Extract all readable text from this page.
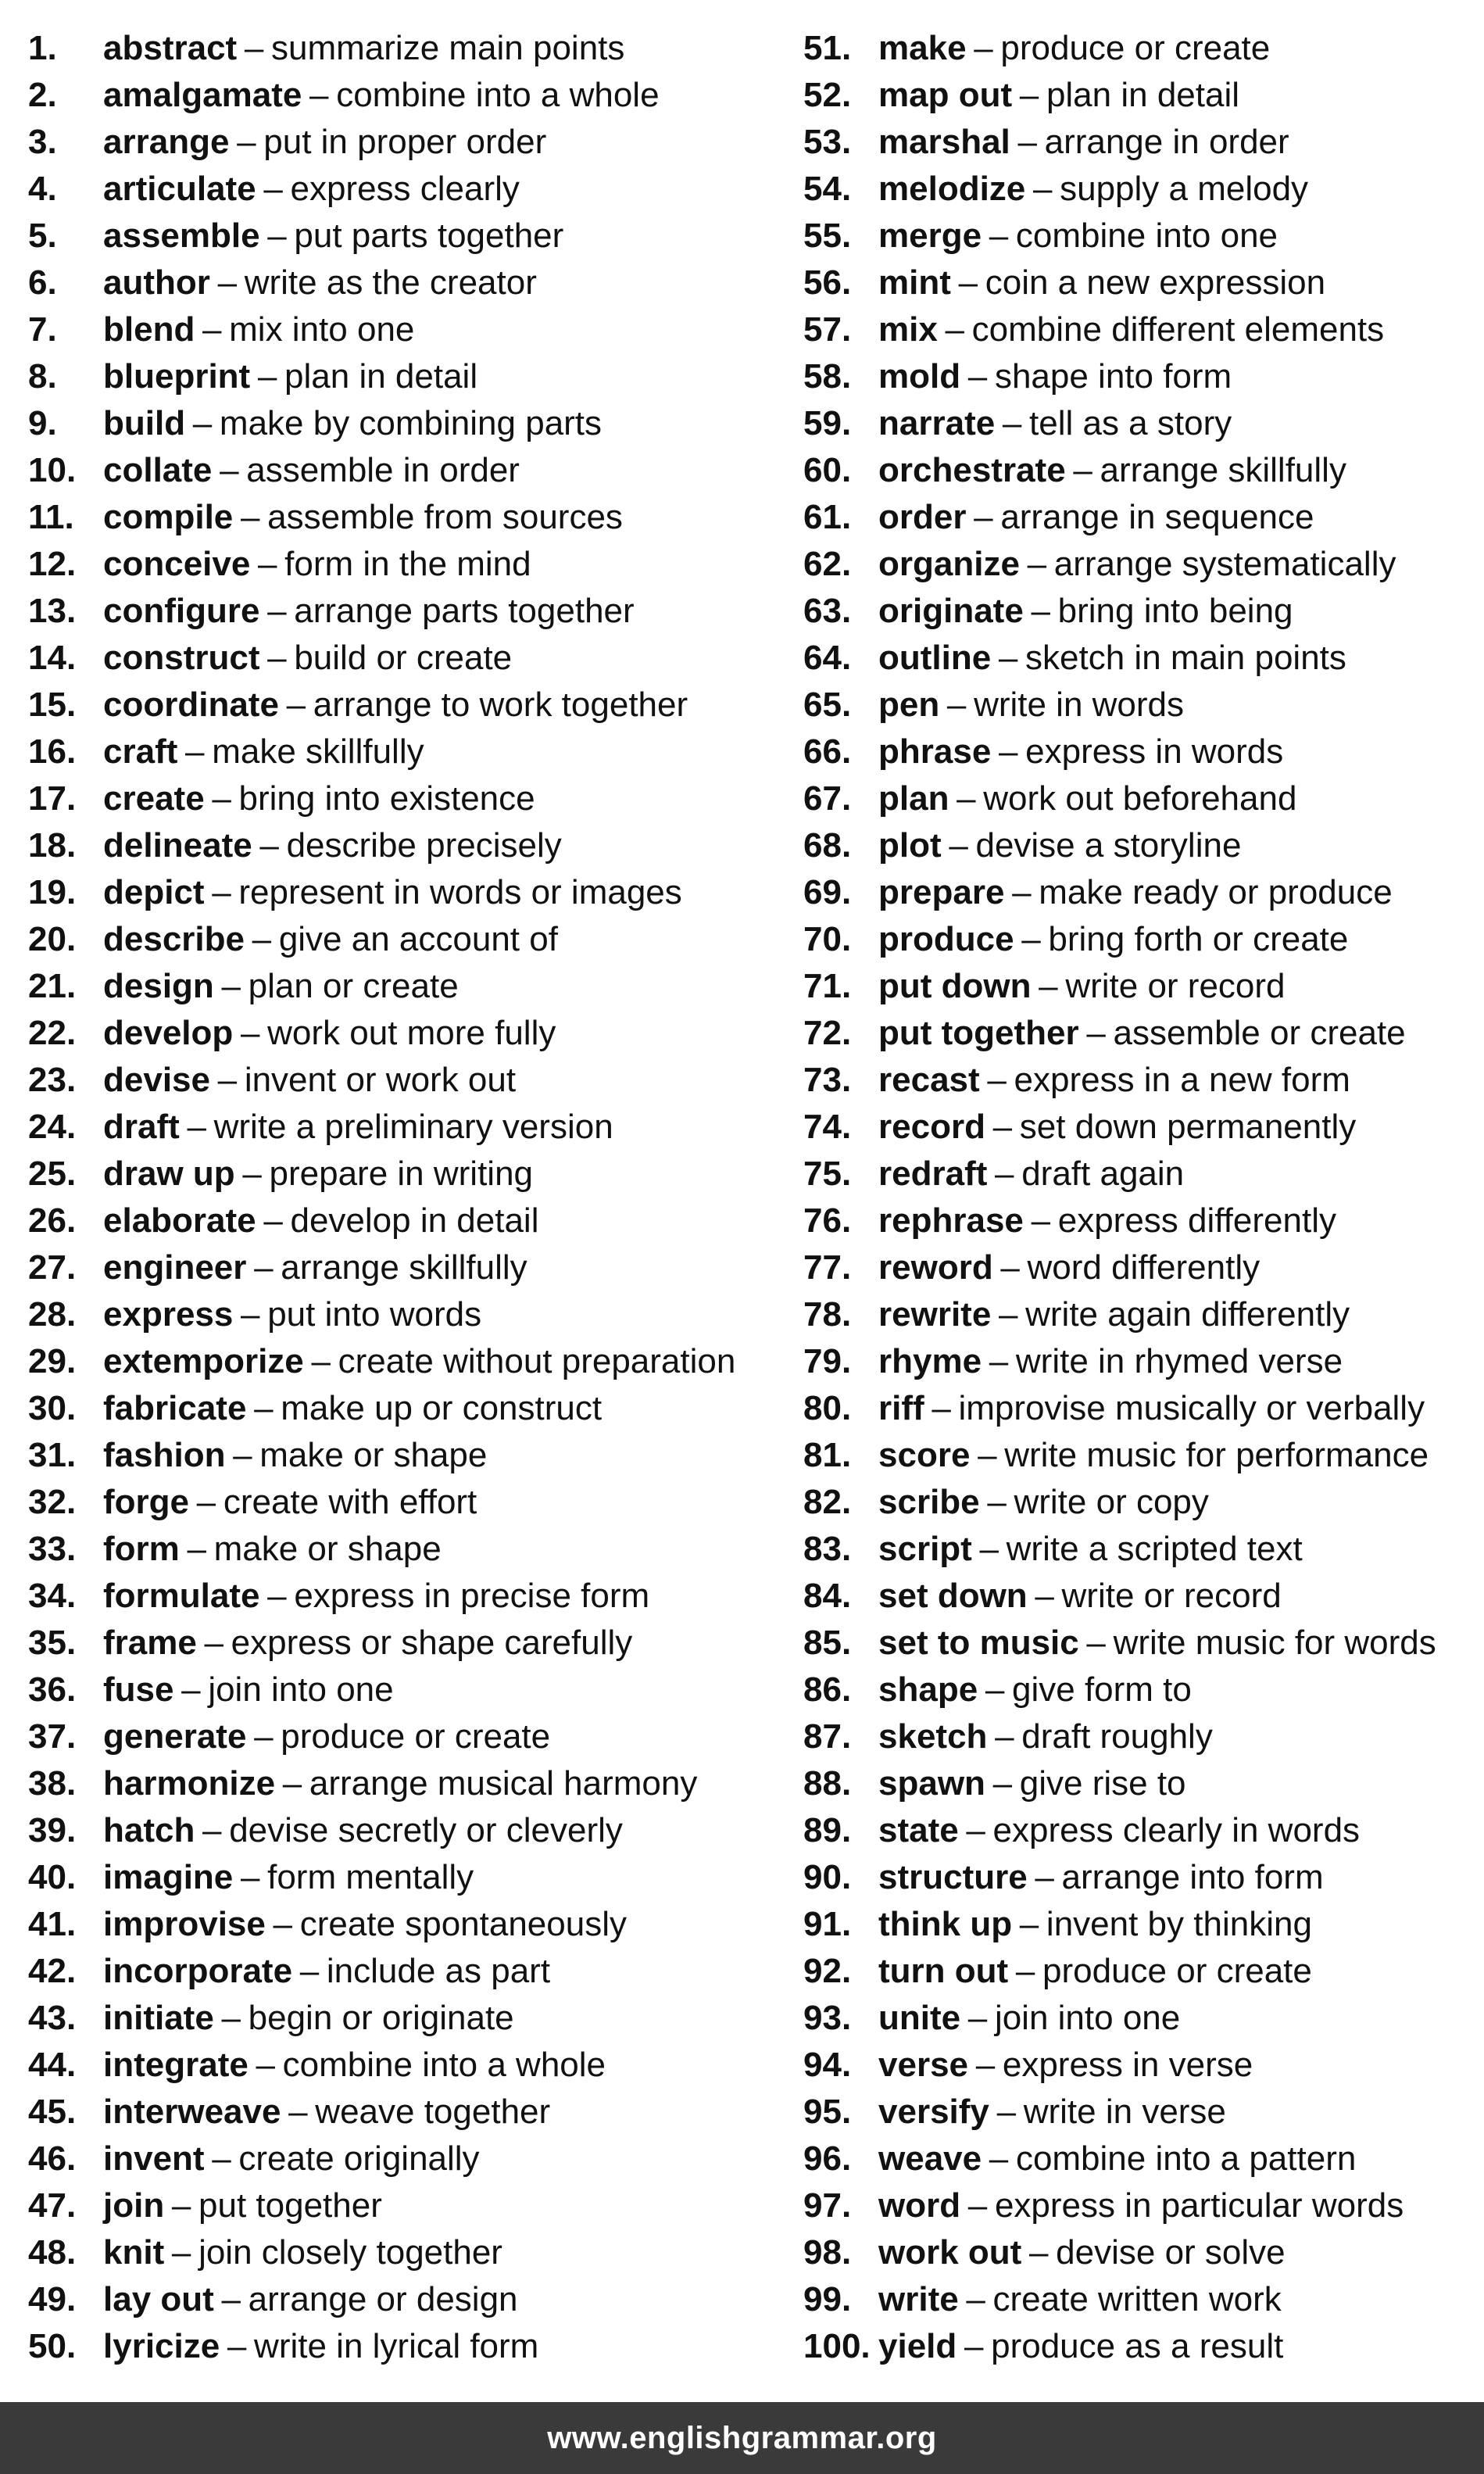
1.	abstract – summarize main points
2.	amalgamate – combine into a whole
3.	arrange – put in proper order
4.	articulate – express clearly
5.	assemble – put parts together
6.	author – write as the creator
7.	blend – mix into one
8.	blueprint – plan in detail
9.	build – make by combining parts
10. collate – assemble in order
11. compile – assemble from sources
12. conceive – form in the mind
13. configure – arrange parts together
14. construct – build or create
15. coordinate – arrange to work together
16. craft – make skillfully
17. create – bring into existence
18. delineate – describe precisely
19. depict – represent in words or images
20. describe – give an account of
21. design – plan or create
22. develop – work out more fully
23. devise – invent or work out
24. draft – write a preliminary version
25. draw up – prepare in writing
26. elaborate – develop in detail
27. engineer – arrange skillfully
28. express – put into words
29. extemporize – create without preparation
30. fabricate – make up or construct
31. fashion – make or shape
32. forge – create with effort
33. form – make or shape
34. formulate – express in precise form
35. frame – express or shape carefully
36. fuse – join into one
37. generate – produce or create
38. harmonize – arrange musical harmony
39. hatch – devise secretly or cleverly
40. imagine – form mentally
41. improvise – create spontaneously
42. incorporate – include as part
43. initiate – begin or originate
44. integrate – combine into a whole
45. interweave – weave together
46. invent – create originally
47. join – put together
48. knit – join closely together
49. lay out – arrange or design
50. lyricize – write in lyrical form
51. make – produce or create
52. map out – plan in detail
53. marshal – arrange in order
54. melodize – supply a melody
55. merge – combine into one
56. mint – coin a new expression
57. mix – combine different elements
58. mold – shape into form
59. narrate – tell as a story
60. orchestrate – arrange skillfully
61. order – arrange in sequence
62. organize – arrange systematically
63. originate – bring into being
64. outline – sketch in main points
65. pen – write in words
66. phrase – express in words
67. plan – work out beforehand
68. plot – devise a storyline
69. prepare – make ready or produce
70. produce – bring forth or create
71. put down – write or record
72. put together – assemble or create
73. recast – express in a new form
74. record – set down permanently
75. redraft – draft again
76. rephrase – express differently
77. reword – word differently
78. rewrite – write again differently
79. rhyme – write in rhymed verse
80. riff – improvise musically or verbally
81. score – write music for performance
82. scribe – write or copy
83. script – write a scripted text
84. set down – write or record
85. set to music – write music for words
86. shape – give form to
87. sketch – draft roughly
88. spawn – give rise to
89. state – express clearly in words
90. structure – arrange into form
91. think up – invent by thinking
92. turn out – produce or create
93. unite – join into one
94. verse – express in verse
95. versify – write in verse
96. weave – combine into a pattern
97. word – express in particular words
98. work out – devise or solve
99. write – create written work
100. yield – produce as a result
www.englishgrammar.org
